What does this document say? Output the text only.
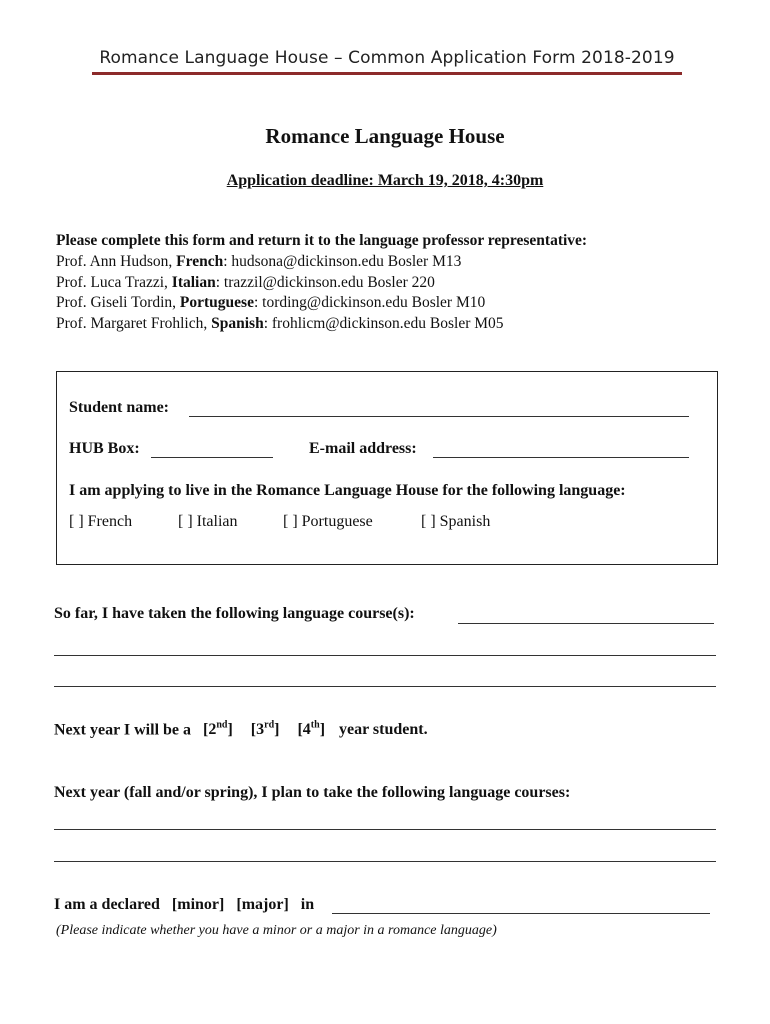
Romance Language House – Common Application Form 2018-2019
Romance Language House
Application deadline: March 19, 2018, 4:30pm
Please complete this form and return it to the language professor representative:
Prof. Ann Hudson, French: hudsona@dickinson.edu Bosler M13
Prof. Luca Trazzi, Italian: trazzil@dickinson.edu Bosler 220
Prof. Giseli Tordin, Portuguese: tording@dickinson.edu Bosler M10
Prof. Margaret Frohlich, Spanish: frohlicm@dickinson.edu Bosler M05
Student name:
HUB Box:	E-mail address:
I am applying to live in the Romance Language House for the following language:
[ ] French	[ ] Italian	[ ] Portuguese	[ ] Spanish
So far, I have taken the following language course(s):
Next year I will be a [2nd] [3rd] [4th] year student.
Next year (fall and/or spring), I plan to take the following language courses:
I am a declared [minor] [major] in
(Please indicate whether you have a minor or a major in a romance language)
